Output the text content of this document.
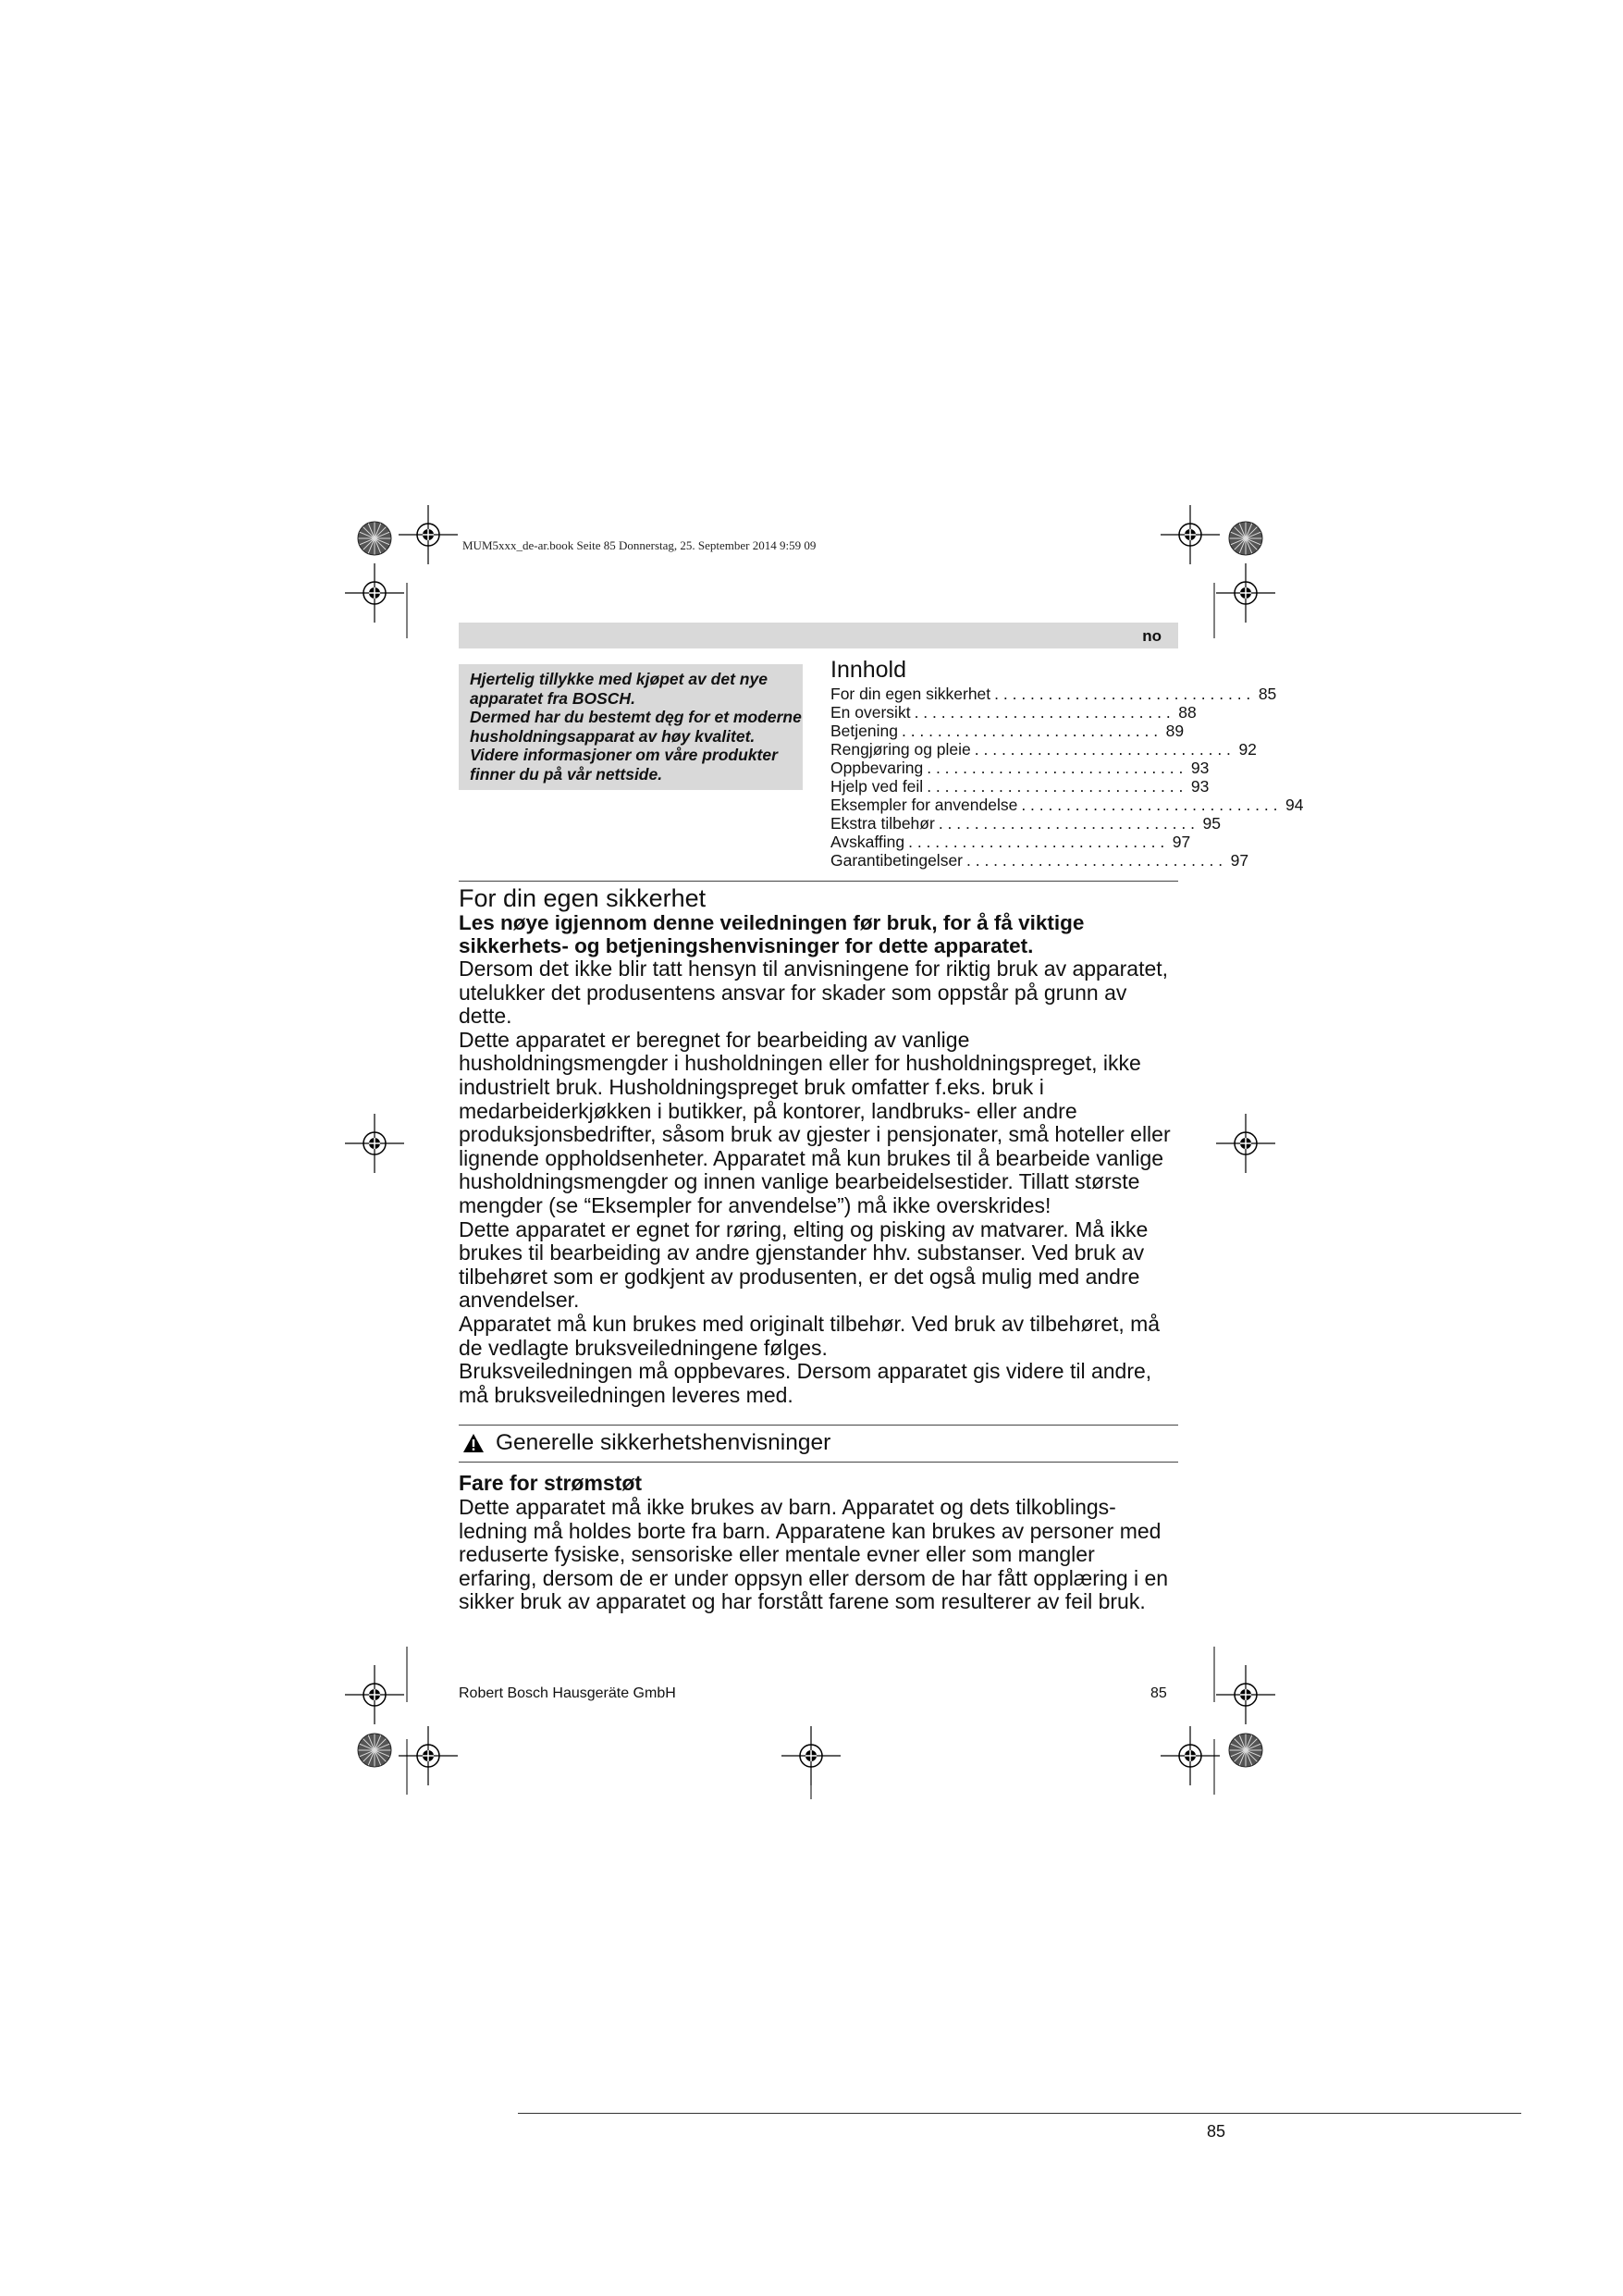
MUM5xxx_de-ar.book Seite 85 Donnerstag, 25. September 2014 9:59 09
no
Hjertelig tillykke med kjøpet av det nye
apparatet fra BOSCH.
Dermed har du bestemt dęg for et moderne
husholdningsapparat av høy kvalitet.
Videre informasjoner om våre produkter
finner du på vår nettside.
Innhold
For din egen sikkerhet . . . . . . . . . . . . . . . . . . . . . . . . . . . . . 85
En oversikt . . . . . . . . . . . . . . . . . . . . . . . . . . . . . 88
Betjening . . . . . . . . . . . . . . . . . . . . . . . . . . . . . 89
Rengjøring og pleie . . . . . . . . . . . . . . . . . . . . . . . . . . . . . 92
Oppbevaring . . . . . . . . . . . . . . . . . . . . . . . . . . . . . 93
Hjelp ved feil . . . . . . . . . . . . . . . . . . . . . . . . . . . . . 93
Eksempler for anvendelse . . . . . . . . . . . . . . . . . . . . . . . . . . . . . 94
Ekstra tilbehør . . . . . . . . . . . . . . . . . . . . . . . . . . . . . 95
Avskaffing . . . . . . . . . . . . . . . . . . . . . . . . . . . . . 97
Garantibetingelser . . . . . . . . . . . . . . . . . . . . . . . . . . . . . 97
For din egen sikkerhet
Les nøye igjennom denne veiledningen før bruk, for å få viktige sikkerhets- og betjeningshenvisninger for dette apparatet.

Dersom det ikke blir tatt hensyn til anvisningene for riktig bruk av apparatet, utelukker det produsentens ansvar for skader som oppstår på grunn av dette.

Dette apparatet er beregnet for bearbeiding av vanlige husholdningsmengder i husholdningen eller for husholdningspreget, ikke industrielt bruk. Husholdningspreget bruk omfatter f.eks. bruk i medarbeiderkjøkken i butikker, på kontorer, landbruks- eller andre produksjonsbedrifter, såsom bruk av gjester i pensjonater, små hoteller eller lignende oppholdsenheter. Apparatet må kun brukes til å bearbeide vanlige husholdningsmengder og innen vanlige bearbeidelsestider. Tillatt største mengder (se “Eksempler for anvendelse”) må ikke overskrides!

Dette apparatet er egnet for røring, elting og pisking av matvarer. Må ikke brukes til bearbeiding av andre gjenstander hhv. substanser. Ved bruk av tilbehøret som er godkjent av produsenten, er det også mulig med andre anvendelser.

Apparatet må kun brukes med originalt tilbehør. Ved bruk av tilbehøret, må de vedlagte bruksveiledningene følges.

Bruksveiledningen må oppbevares. Dersom apparatet gis videre til andre, må bruksveiledningen leveres med.

Generelle sikkerhetshenvisninger
Fare for strømstøt
Dette apparatet må ikke brukes av barn. Apparatet og dets tilkoblings-ledning må holdes borte fra barn. Apparatene kan brukes av personer med reduserte fysiske, sensoriske eller mentale evner eller som mangler erfaring, dersom de er under oppsyn eller dersom de har fått opplæring i en sikker bruk av apparatet og har forstått farene som resulterer av feil bruk.
Robert Bosch Hausgeräte GmbH	85
85
